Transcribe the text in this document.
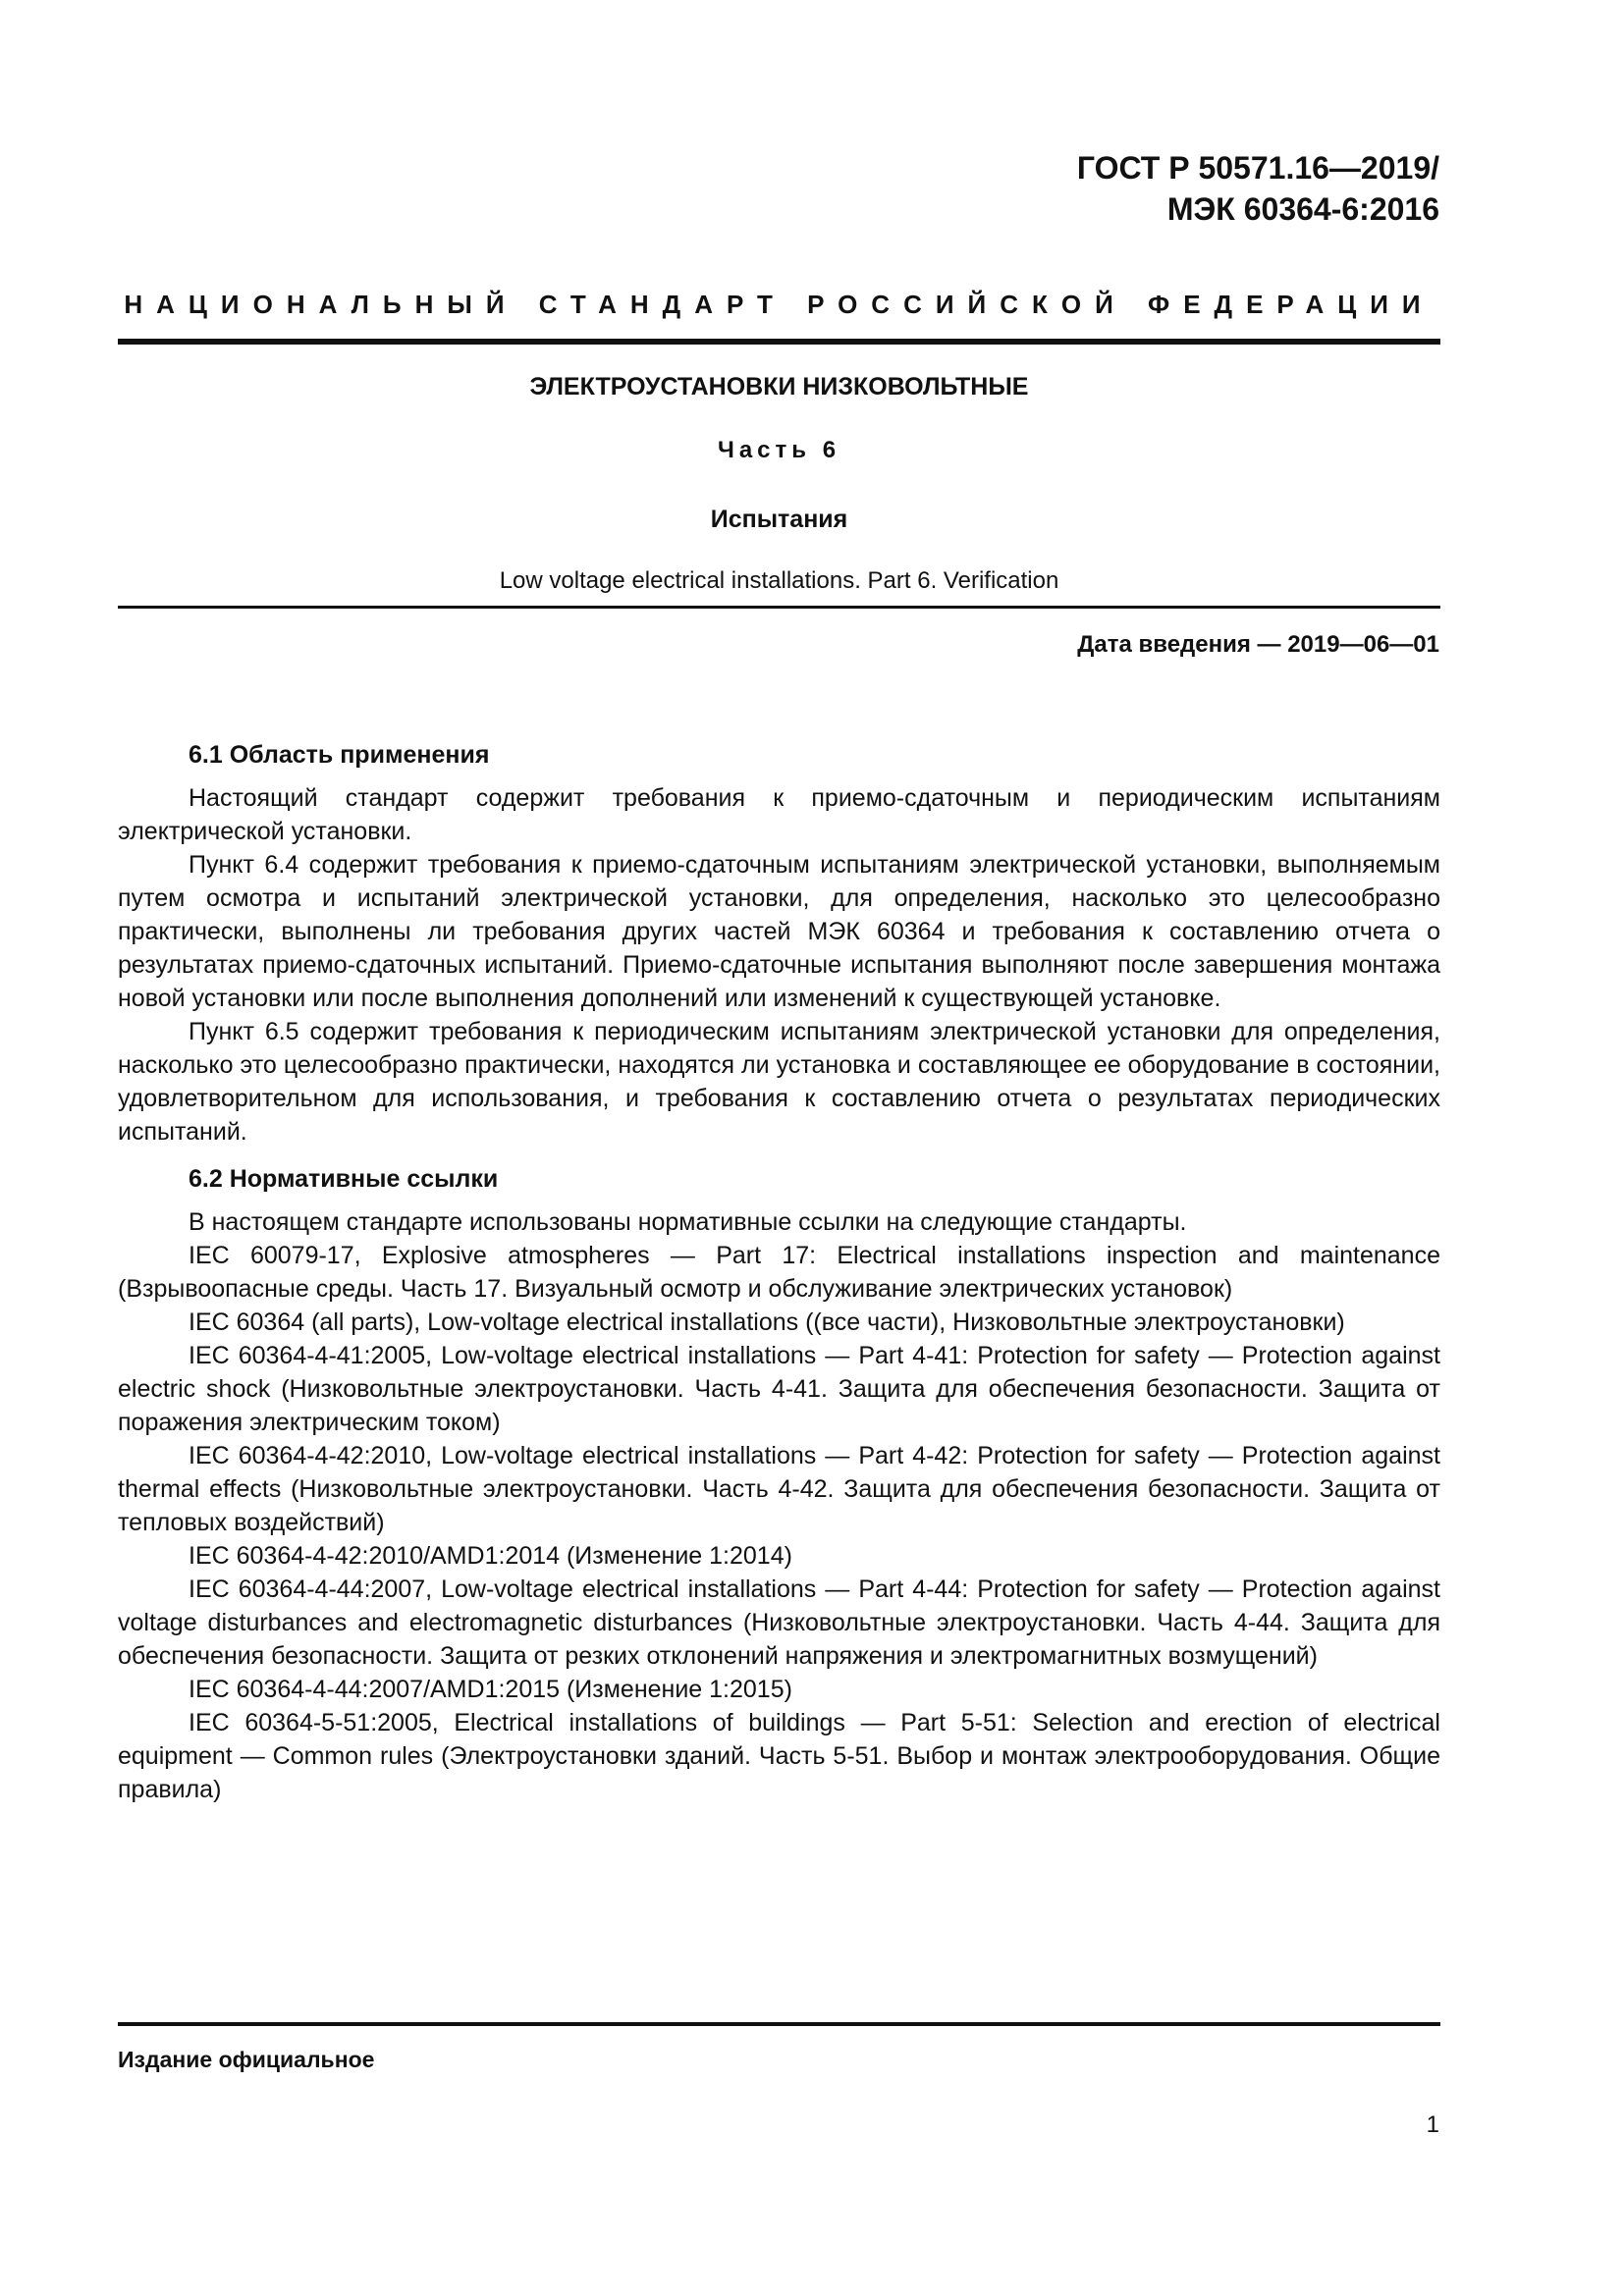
ГОСТ Р 50571.16—2019/
МЭК 60364-6:2016
НАЦИОНАЛЬНЫЙ СТАНДАРТ РОССИЙСКОЙ ФЕДЕРАЦИИ
ЭЛЕКТРОУСТАНОВКИ НИЗКОВОЛЬТНЫЕ
Часть 6
Испытания
Low voltage electrical installations. Part 6. Verification
Дата введения — 2019—06—01
6.1 Область применения

Настоящий стандарт содержит требования к приемо-сдаточным и периодическим испытаниям электрической установки.

Пункт 6.4 содержит требования к приемо-сдаточным испытаниям электрической установки, выполняемым путем осмотра и испытаний электрической установки, для определения, насколько это целесообразно практически, выполнены ли требования других частей МЭК 60364 и требования к составлению отчета о результатах приемо-сдаточных испытаний. Приемо-сдаточные испытания выполняют после завершения монтажа новой установки или после выполнения дополнений или изменений к существующей установке.

Пункт 6.5 содержит требования к периодическим испытаниям электрической установки для определения, насколько это целесообразно практически, находятся ли установка и составляющее ее оборудование в состоянии, удовлетворительном для использования, и требования к составлению отчета о результатах периодических испытаний.

6.2 Нормативные ссылки

В настоящем стандарте использованы нормативные ссылки на следующие стандарты.

IEC 60079-17, Explosive atmospheres — Part 17: Electrical installations inspection and maintenance (Взрывоопасные среды. Часть 17. Визуальный осмотр и обслуживание электрических установок)

IEC 60364 (all parts), Low-voltage electrical installations ((все части), Низковольтные электроустановки)

IEC 60364-4-41:2005, Low-voltage electrical installations — Part 4-41: Protection for safety — Protection against electric shock (Низковольтные электроустановки. Часть 4-41. Защита для обеспечения безопасности. Защита от поражения электрическим током)

IEC 60364-4-42:2010, Low-voltage electrical installations — Part 4-42: Protection for safety — Protection against thermal effects (Низковольтные электроустановки. Часть 4-42. Защита для обеспечения безопасности. Защита от тепловых воздействий)

IEC 60364-4-42:2010/AMD1:2014 (Изменение 1:2014)

IEC 60364-4-44:2007, Low-voltage electrical installations — Part 4-44: Protection for safety — Protection against voltage disturbances and electromagnetic disturbances (Низковольтные электроустановки. Часть 4-44. Защита для обеспечения безопасности. Защита от резких отклонений напряжения и электромагнитных возмущений)

IEC 60364-4-44:2007/AMD1:2015 (Изменение 1:2015)

IEC 60364-5-51:2005, Electrical installations of buildings — Part 5-51: Selection and erection of electrical equipment — Common rules (Электроустановки зданий. Часть 5-51. Выбор и монтаж электрооборудования. Общие правила)

Издание официальное
1
